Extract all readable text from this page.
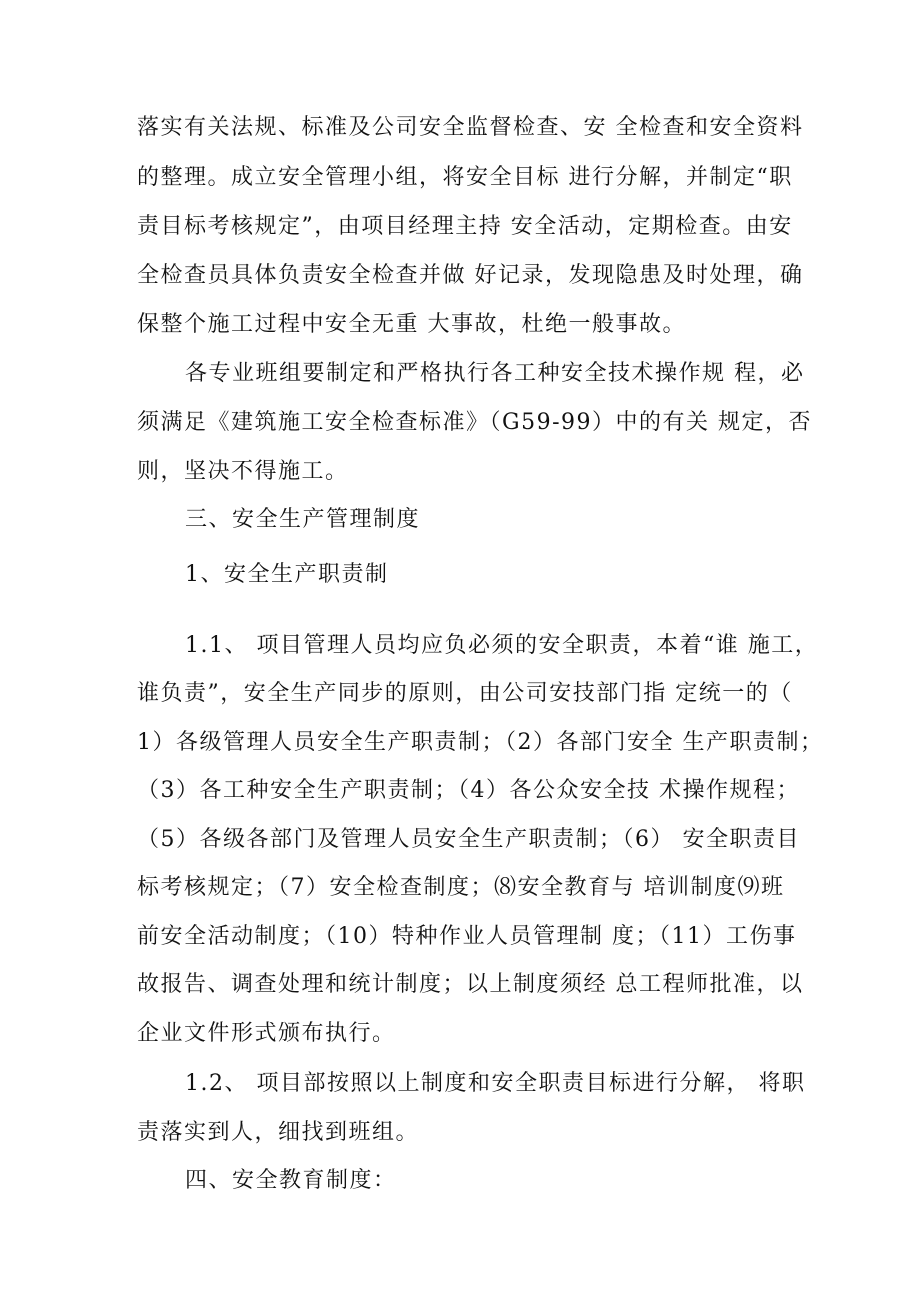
落实有关法规、标准及公司安全监督检查、安 全检查和安全资料
的整理。成立安全管理小组，将安全目标 进行分解，并制定“职
责目标考核规定”，由项目经理主持 安全活动，定期检查。由安
全检查员具体负责安全检查并做 好记录，发现隐患及时处理，确
保整个施工过程中安全无重 大事故，杜绝一般事故。
各专业班组要制定和严格执行各工种安全技术操作规 程，必
须满足《建筑施工安全检查标准》（G59-99）中的有关 规定，否
则，坚决不得施工。
三、安全生产管理制度
1、安全生产职责制
1.1、 项目管理人员均应负必须的安全职责，本着“谁 施工，
谁负责”，安全生产同步的原则，由公司安技部门指 定统一的（
1）各级管理人员安全生产职责制；（2）各部门安全 生产职责制；
（3）各工种安全生产职责制；（4）各公众安全技 术操作规程；
（5）各级各部门及管理人员安全生产职责制；（6） 安全职责目
标考核规定；（7）安全检查制度；⑻安全教育与 培训制度⑼班
前安全活动制度；（10）特种作业人员管理制 度；（11）工伤事
故报告、调查处理和统计制度；以上制度须经 总工程师批准，以
企业文件形式颁布执行。
1.2、 项目部按照以上制度和安全职责目标进行分解， 将职
责落实到人，细找到班组。
四、安全教育制度：
